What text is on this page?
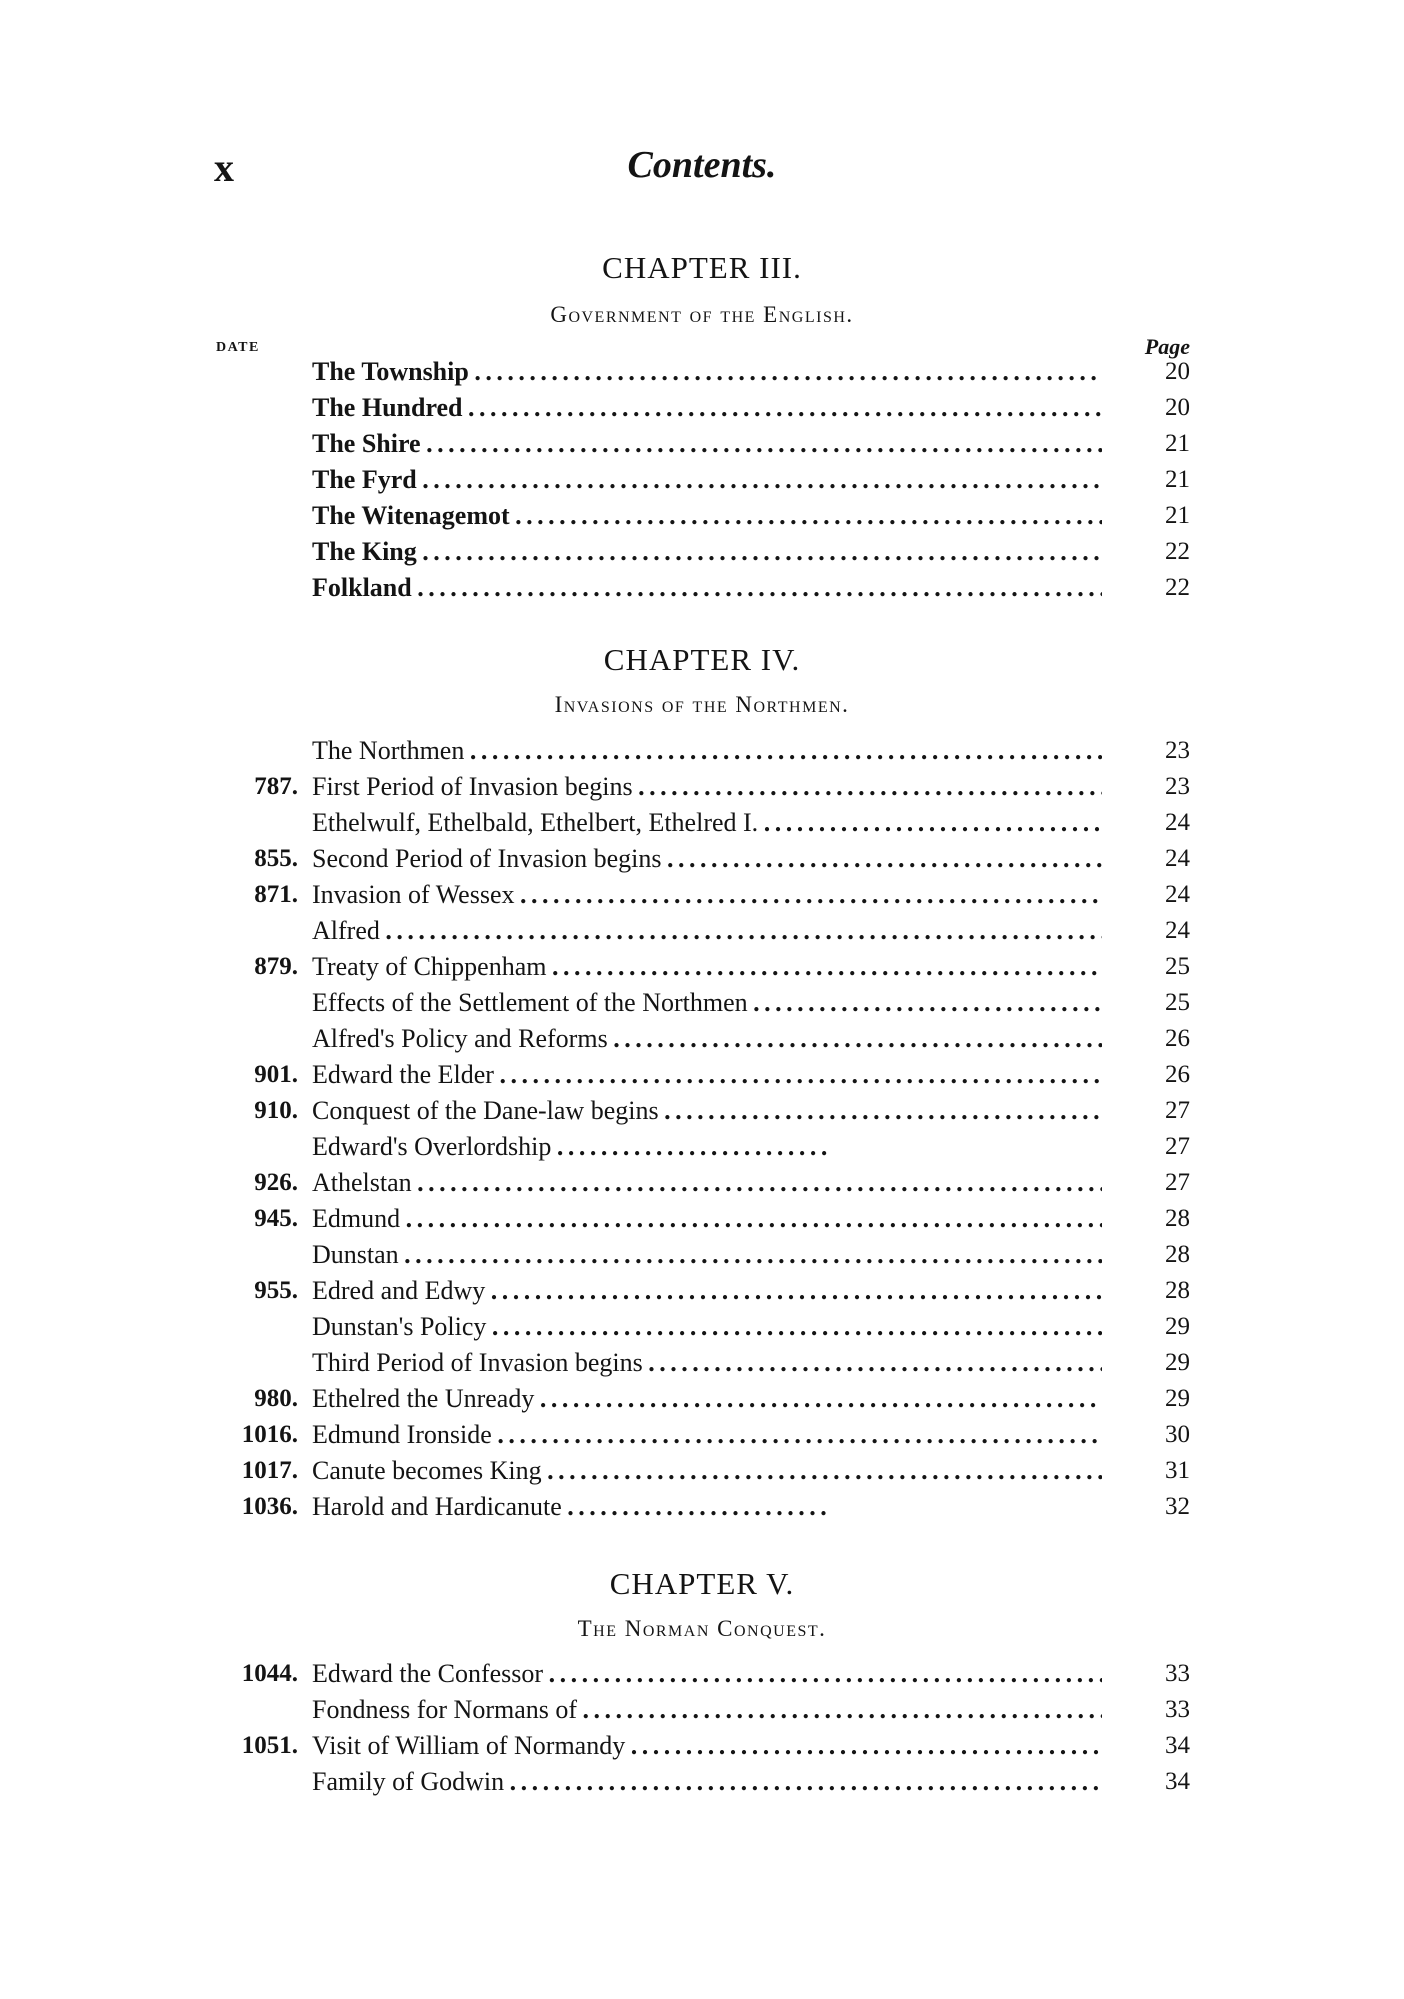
x	Contents.
CHAPTER III.
Government of the English.
DATE	Page
The Township . . .	20
The Hundred . . .	20
The Shire . . .	21
The Fyrd . . .	21
The Witenagemot . . .	21
The King . . .	22
Folkland . . .	22
CHAPTER IV.
Invasions of the Northmen.
The Northmen . . .	23
787. First Period of Invasion begins . . .	23
Ethelwulf, Ethelbald, Ethelbert, Ethelred I. . . .	24
855. Second Period of Invasion begins . . .	24
871. Invasion of Wessex . . .	24
Alfred . . .	24
879. Treaty of Chippenham . . .	25
Effects of the Settlement of the Northmen . . .	25
Alfred's Policy and Reforms . . .	26
901. Edward the Elder . . .	26
910. Conquest of the Dane-law begins . . .	27
Edward's Overlordship . . .	27
926. Athelstan . . .	27
945. Edmund . . .	28
Dunstan . . .	28
955. Edred and Edwy . . .	28
Dunstan's Policy . . .	29
Third Period of Invasion begins . . .	29
980. Ethelred the Unready . . .	29
1016. Edmund Ironside . . .	30
1017. Canute becomes King . . .	31
1036. Harold and Hardicanute . . .	32
CHAPTER V.
The Norman Conquest.
1044. Edward the Confessor . . .	33
Fondness for Normans of . . .	33
1051. Visit of William of Normandy . . .	34
Family of Godwin . . .	34
